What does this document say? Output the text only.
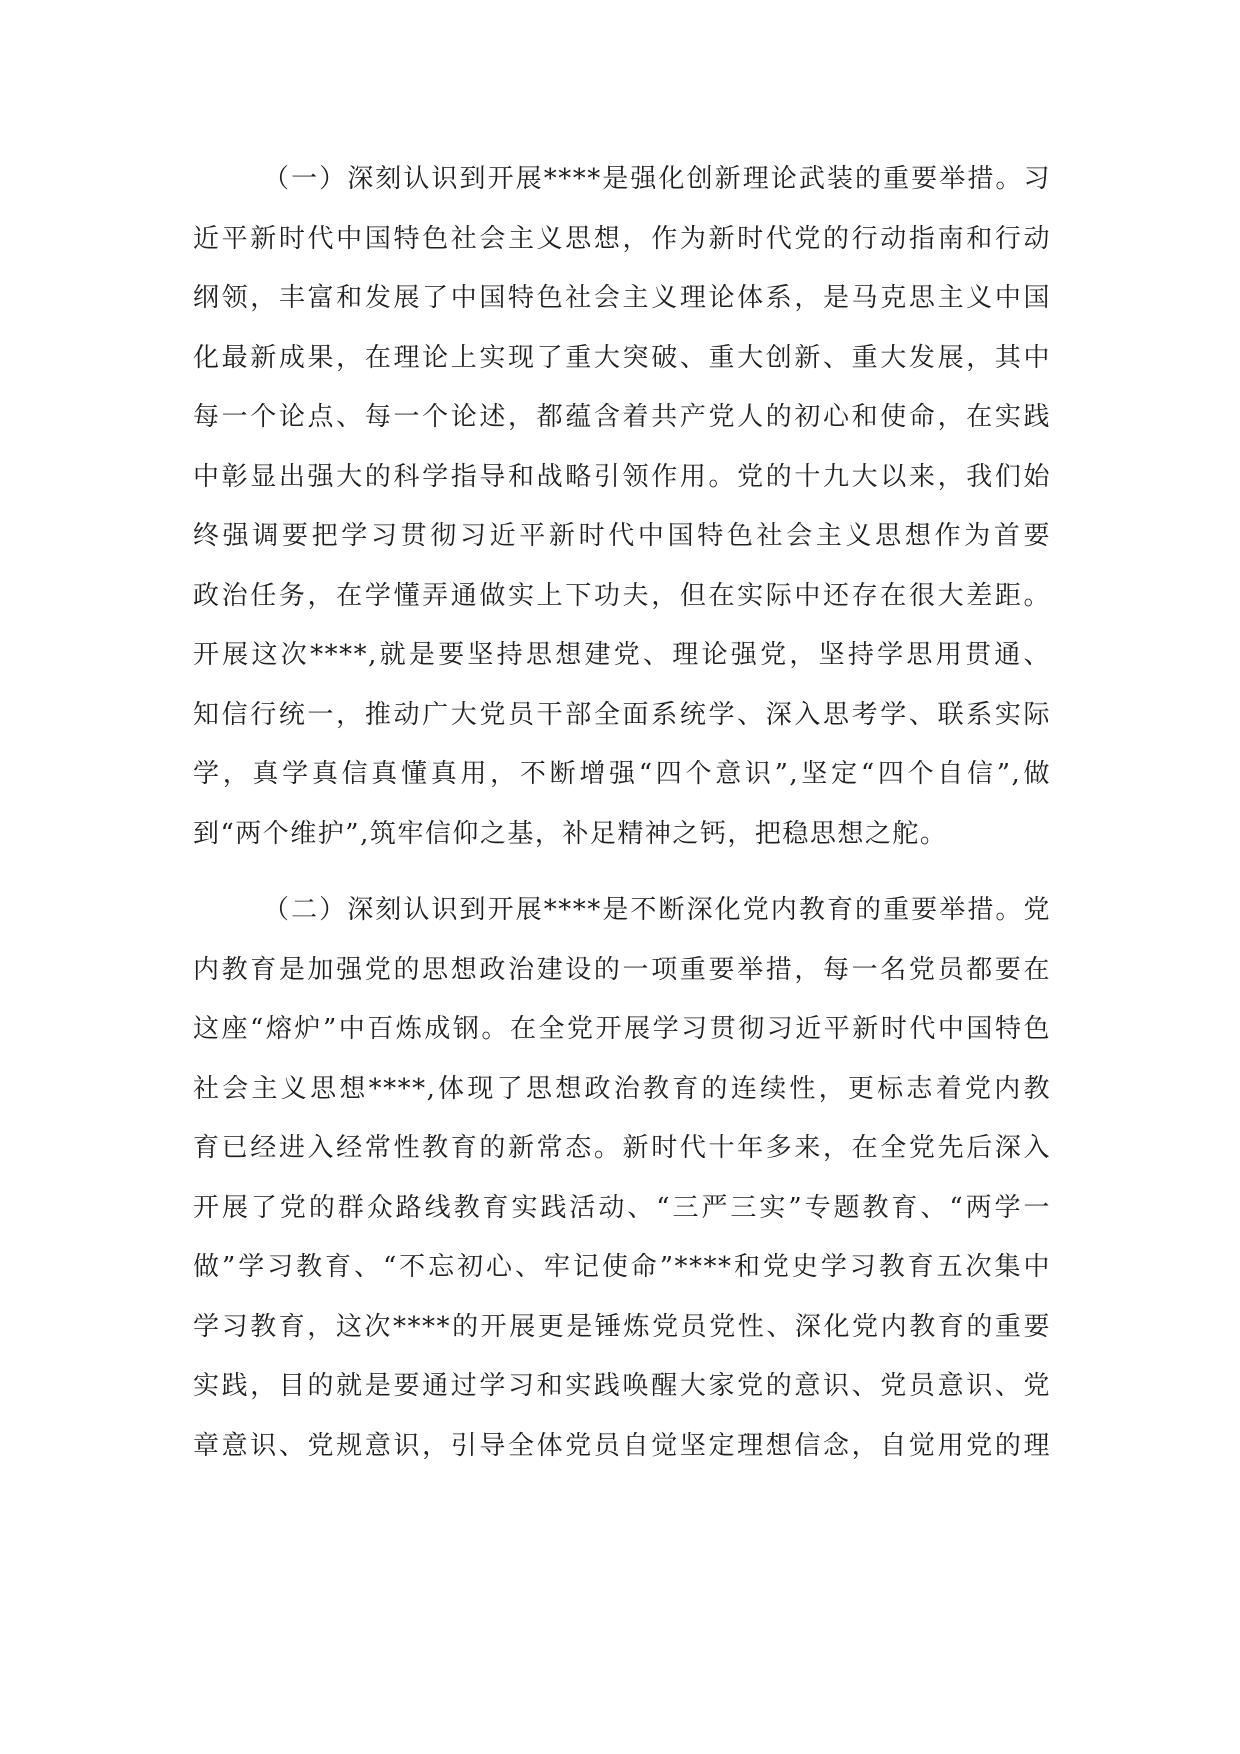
（一）深刻认识到开展****是强化创新理论武装的重要举措。习
近平新时代中国特色社会主义思想，作为新时代党的行动指南和行动
纲领，丰富和发展了中国特色社会主义理论体系，是马克思主义中国
化最新成果，在理论上实现了重大突破、重大创新、重大发展，其中
每一个论点、每一个论述，都蕴含着共产党人的初心和使命，在实践
中彰显出强大的科学指导和战略引领作用。党的十九大以来，我们始
终强调要把学习贯彻习近平新时代中国特色社会主义思想作为首要
政治任务，在学懂弄通做实上下功夫，但在实际中还存在很大差距。
开展这次****,就是要坚持思想建党、理论强党，坚持学思用贯通、
知信行统一，推动广大党员干部全面系统学、深入思考学、联系实际
学，真学真信真懂真用，不断增强“四个意识”,坚定“四个自信”,做
到“两个维护”,筑牢信仰之基，补足精神之钙，把稳思想之舵。

（二）深刻认识到开展****是不断深化党内教育的重要举措。党
内教育是加强党的思想政治建设的一项重要举措，每一名党员都要在
这座“熔炉”中百炼成钢。在全党开展学习贯彻习近平新时代中国特色
社会主义思想****,体现了思想政治教育的连续性，更标志着党内教
育已经进入经常性教育的新常态。新时代十年多来，在全党先后深入
开展了党的群众路线教育实践活动、“三严三实”专题教育、“两学一
做”学习教育、“不忘初心、牢记使命”****和党史学习教育五次集中
学习教育，这次****的开展更是锤炼党员党性、深化党内教育的重要
实践，目的就是要通过学习和实践唤醒大家党的意识、党员意识、党
章意识、党规意识，引导全体党员自觉坚定理想信念，自觉用党的理
